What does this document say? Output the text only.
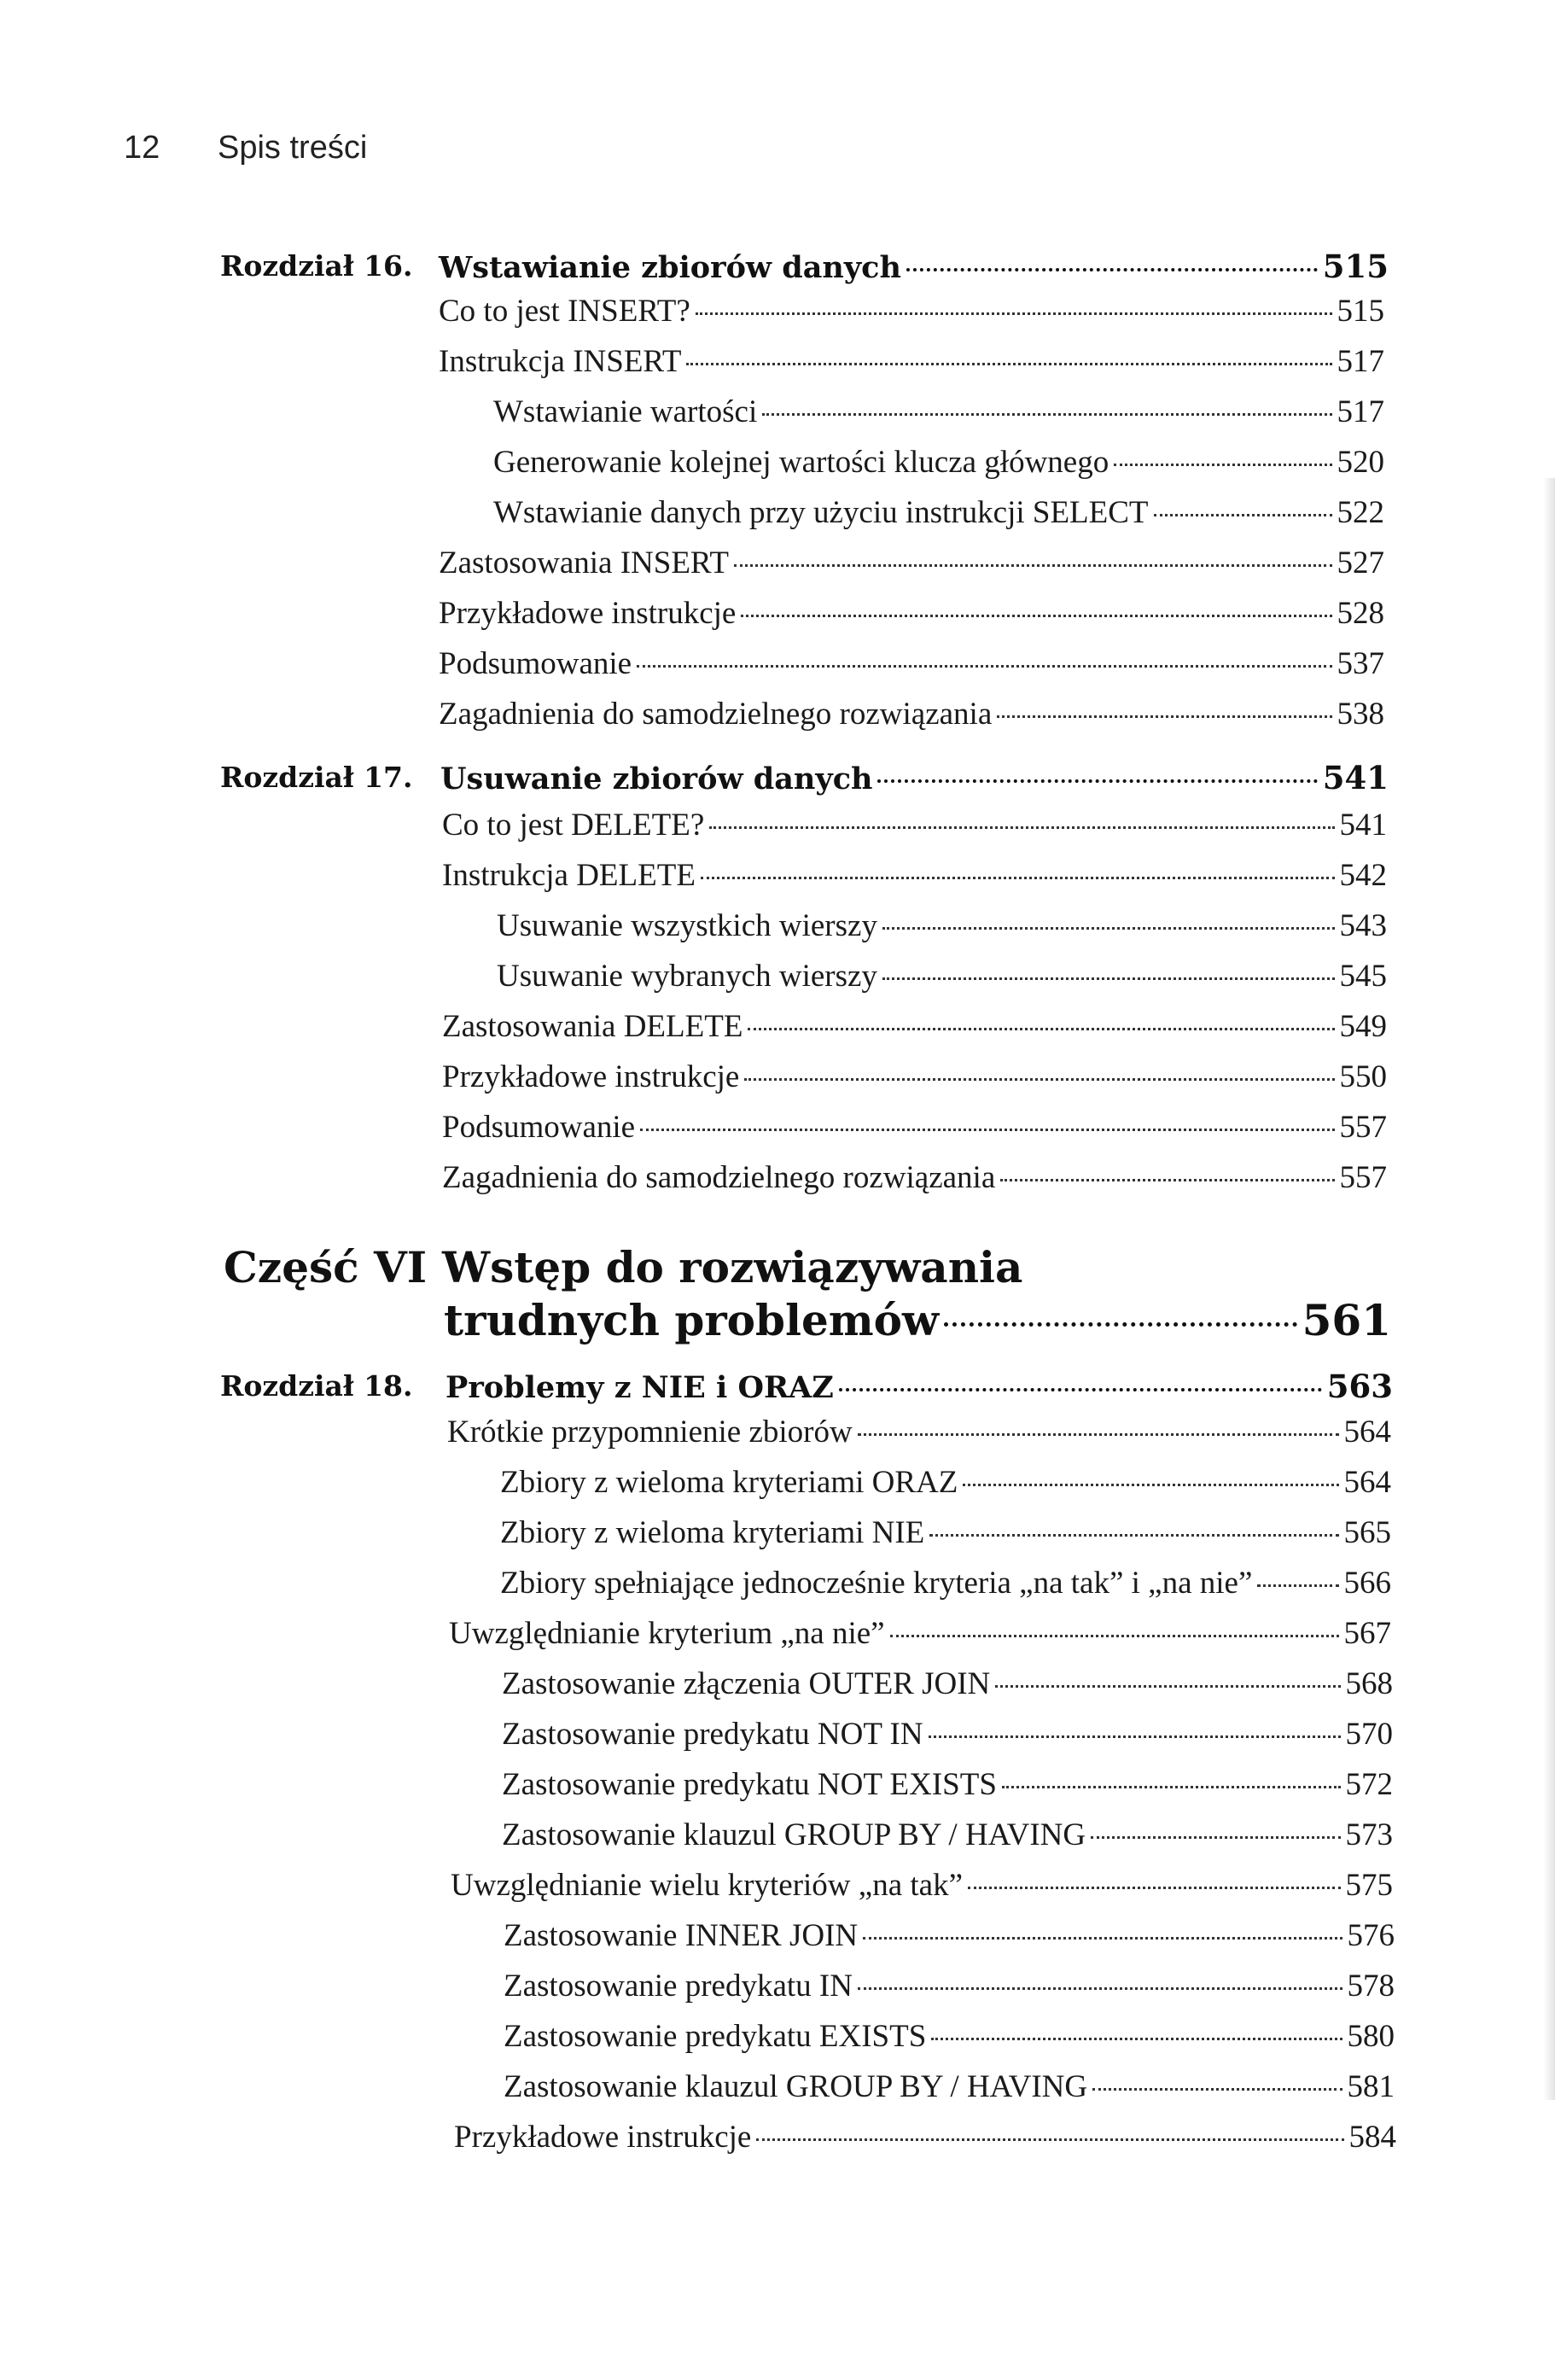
12 Spis treści
Rozdział 16. Wstawianie zbiorów danych	515
Co to jest INSERT?	515
Instrukcja INSERT	517
Wstawianie wartości	517
Generowanie kolejnej wartości klucza głównego	520
Wstawianie danych przy użyciu instrukcji SELECT	522
Zastosowania INSERT	527
Przykładowe instrukcje	528
Podsumowanie	537
Zagadnienia do samodzielnego rozwiązania	538
Rozdział 17. Usuwanie zbiorów danych	541
Co to jest DELETE?	541
Instrukcja DELETE	542
Usuwanie wszystkich wierszy	543
Usuwanie wybranych wierszy	545
Zastosowania DELETE	549
Przykładowe instrukcje	550
Podsumowanie	557
Zagadnienia do samodzielnego rozwiązania	557
Część VI Wstęp do rozwiązywania
trudnych problemów	561
Rozdział 18. Problemy z NIE i ORAZ	563
Krótkie przypomnienie zbiorów	564
Zbiory z wieloma kryteriami ORAZ	564
Zbiory z wieloma kryteriami NIE	565
Zbiory spełniające jednocześnie kryteria „na tak” i „na nie”	566
Uwzględnianie kryterium „na nie”	567
Zastosowanie złączenia OUTER JOIN	568
Zastosowanie predykatu NOT IN	570
Zastosowanie predykatu NOT EXISTS	572
Zastosowanie klauzul GROUP BY / HAVING	573
Uwzględnianie wielu kryteriów „na tak”	575
Zastosowanie INNER JOIN	576
Zastosowanie predykatu IN	578
Zastosowanie predykatu EXISTS	580
Zastosowanie klauzul GROUP BY / HAVING	581
Przykładowe instrukcje	584
